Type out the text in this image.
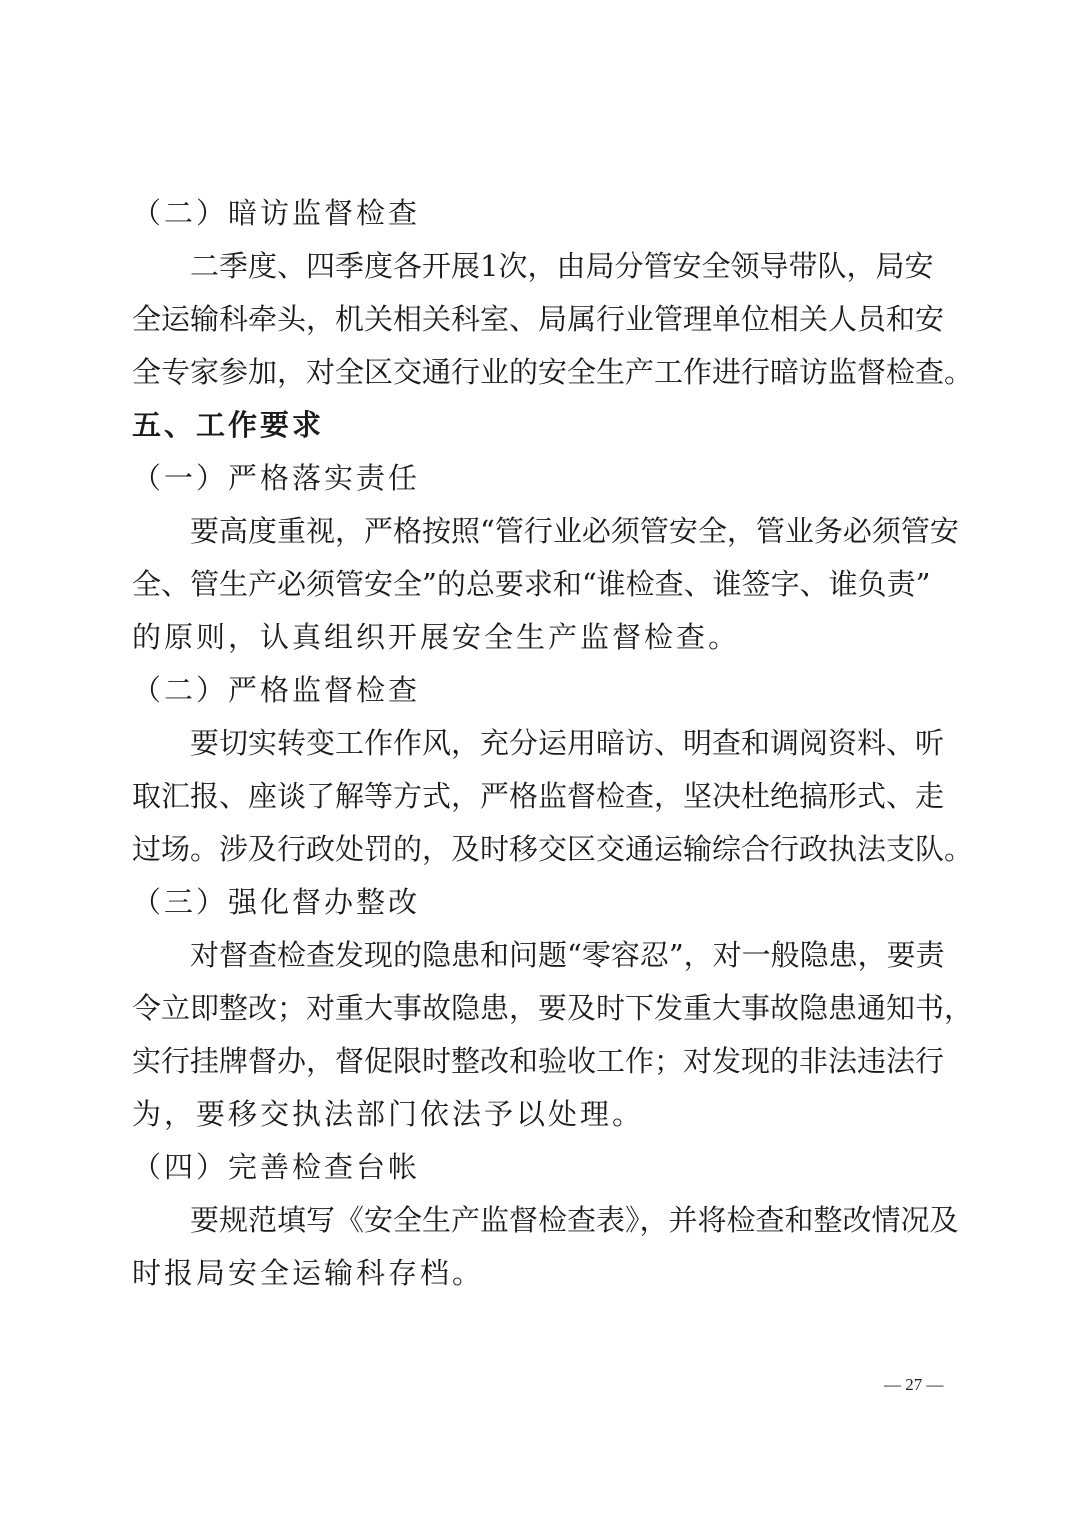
（二）暗访监督检查
二季度、四季度各开展1次，由局分管安全领导带队，局安
全运输科牵头，机关相关科室、局属行业管理单位相关人员和安
全专家参加，对全区交通行业的安全生产工作进行暗访监督检查。
五、工作要求
（一）严格落实责任
要高度重视，严格按照“管行业必须管安全，管业务必须管安
全、管生产必须管安全”的总要求和“谁检查、谁签字、谁负责”
的原则，认真组织开展安全生产监督检查。
（二）严格监督检查
要切实转变工作作风，充分运用暗访、明查和调阅资料、听
取汇报、座谈了解等方式，严格监督检查，坚决杜绝搞形式、走
过场。涉及行政处罚的，及时移交区交通运输综合行政执法支队。
（三）强化督办整改
对督查检查发现的隐患和问题“零容忍”，对一般隐患，要责
令立即整改；对重大事故隐患，要及时下发重大事故隐患通知书，
实行挂牌督办，督促限时整改和验收工作；对发现的非法违法行
为，要移交执法部门依法予以处理。
（四）完善检查台帐
要规范填写《安全生产监督检查表》，并将检查和整改情况及
时报局安全运输科存档。
— 27 —
